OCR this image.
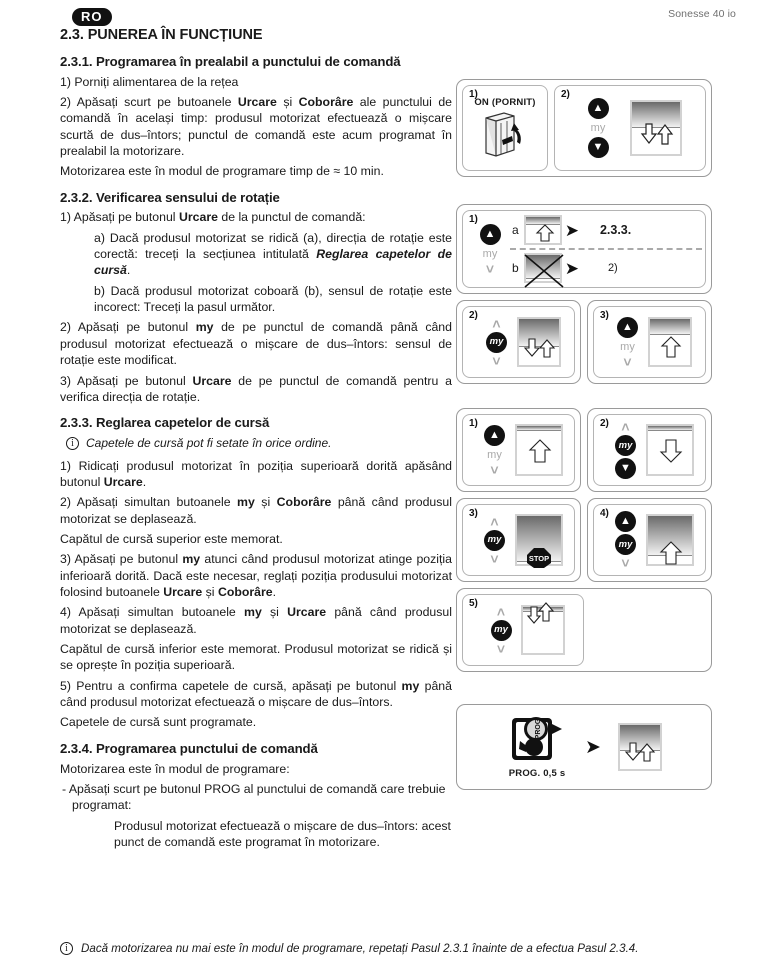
RO	Sonesse 40 io
2.3. PUNEREA ÎN FUNCȚIUNE
2.3.1. Programarea în prealabil a punctului de comandă

1) Porniți alimentarea de la rețea

2) Apăsați scurt pe butoanele Urcare și Coborâre ale punctului de comandă în același timp: produsul motorizat efectuează o mișcare scurtă de dus–întors; punctul de comandă este acum programat în prealabil la motorizare.

Motorizarea este în modul de programare timp de ≈ 10 min.

2.3.2. Verificarea sensului de rotație

1) Apăsați pe butonul Urcare de la punctul de comandă:

a) Dacă produsul motorizat se ridică (a), direcția de rotație este corectă: treceți la secțiunea intitulată Reglarea capetelor de cursă.

b) Dacă produsul motorizat coboară (b), sensul de rotație este incorect: Treceți la pasul următor.

2) Apăsați pe butonul my de pe punctul de comandă până când produsul motorizat efectuează o mișcare de dus–întors: sensul de rotație este modificat.

3) Apăsați pe butonul Urcare de pe punctul de comandă pentru a verifica direcția de rotație.

2.3.3. Reglarea capetelor de cursă
i
Capetele de cursă pot fi setate în orice ordine.

1) Ridicați produsul motorizat în poziția superioară dorită apăsând butonul Urcare.

2) Apăsați simultan butoanele my și Coborâre până când produsul motorizat se deplasează.

Capătul de cursă superior este memorat.

3) Apăsați pe butonul my atunci când produsul motorizat atinge poziția inferioară dorită. Dacă este necesar, reglați poziția produsului motorizat folosind butoanele Urcare și Coborâre.

4) Apăsați simultan butoanele my și Urcare până când produsul motorizat se deplasează.

Capătul de cursă inferior este memorat. Produsul motorizat se ridică și se oprește în poziția superioară.

5) Pentru a confirma capetele de cursă, apăsați pe butonul my până când produsul motorizat efectuează o mișcare de dus–întors.

Capetele de cursă sunt programate.

2.3.4. Programarea punctului de comandă

Motorizarea este în modul de programare:

- Apăsați scurt pe butonul PROG al punctului de comandă care trebuie programat:

Produsul motorizat efectuează o mișcare de dus–întors: acest punct de comandă este programat în motorizare.

1)
ON (PORNIT)
2)
▲
my
▼
1)
▲
my
˅
a	➤ 2.3.3.
b	➤	2)
2) ˄
my
˅
3)
▲
my
˅
1)
▲
my
˅
2) ˄
my
▼
3) ˄
my
˅	STOP
4)
▲
my
˅
5) ˄
my
˅
PROG
PROG. 0,5 s
➤
i
Dacă motorizarea nu mai este în modul de programare, repetați Pasul 2.3.1 înainte de a efectua Pasul 2.3.4.
